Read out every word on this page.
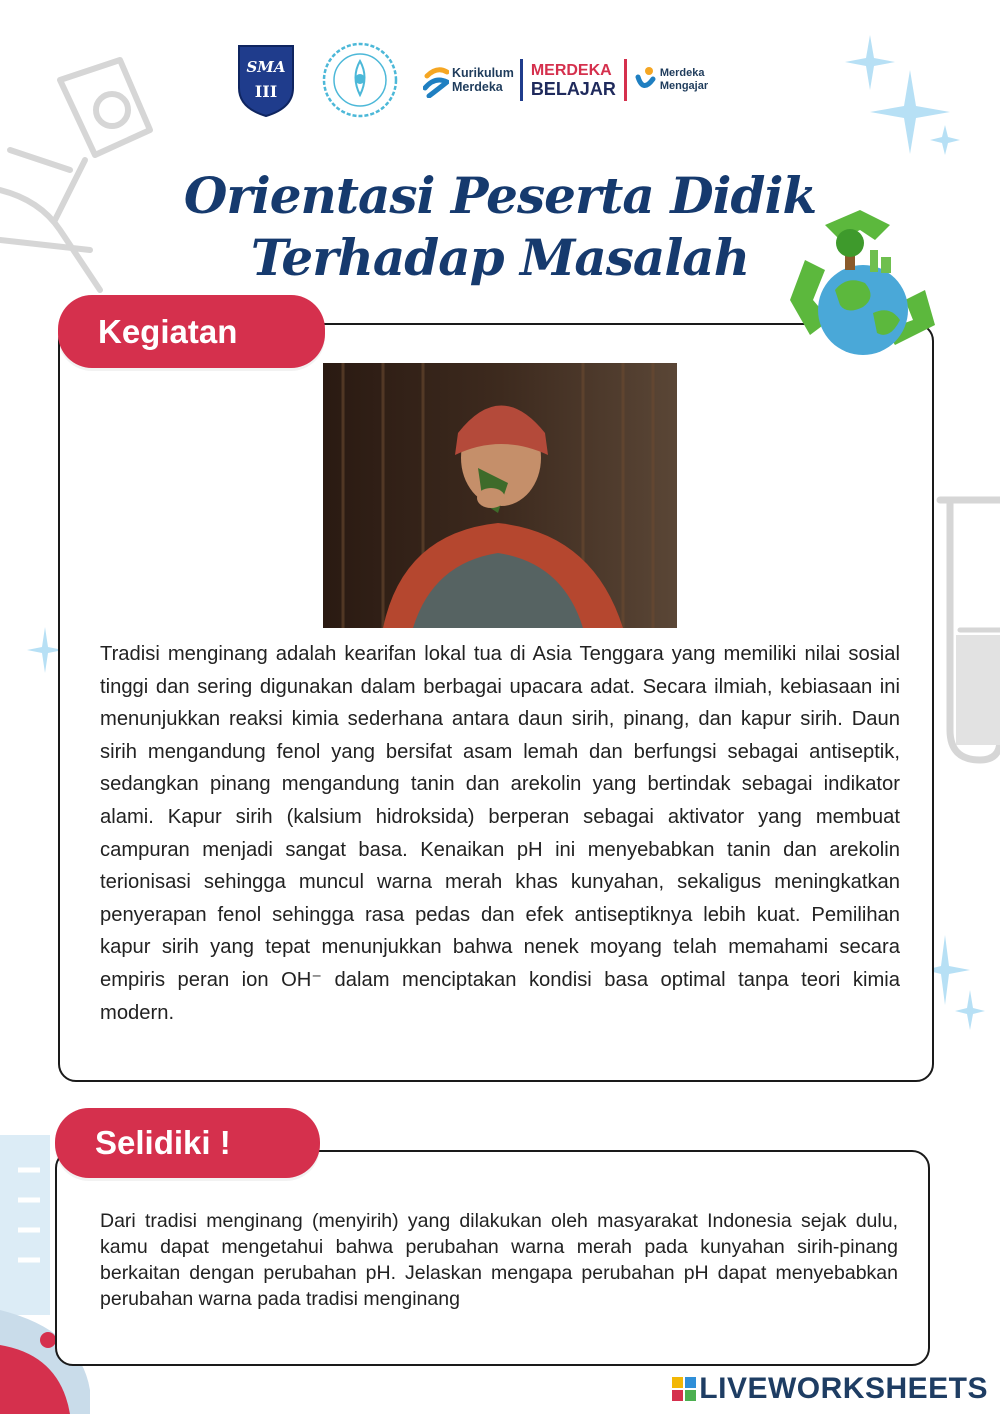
SMA
III
Kurikulum
Merdeka
MERDEKA
BELAJAR
Merdeka
Mengajar
Orientasi Peserta Didik
Terhadap Masalah
Kegiatan
Tradisi menginang adalah kearifan lokal tua di Asia Tenggara yang memiliki nilai sosial tinggi dan sering digunakan dalam berbagai upacara adat. Secara ilmiah, kebiasaan ini menunjukkan reaksi kimia sederhana antara daun sirih, pinang, dan kapur sirih. Daun sirih mengandung fenol yang bersifat asam lemah dan berfungsi sebagai antiseptik, sedangkan pinang mengandung tanin dan arekolin yang bertindak sebagai indikator alami. Kapur sirih (kalsium hidroksida) berperan sebagai aktivator yang membuat campuran menjadi sangat basa. Kenaikan pH ini menyebabkan tanin dan arekolin terionisasi sehingga muncul warna merah khas kunyahan, sekaligus meningkatkan penyerapan fenol sehingga rasa pedas dan efek antiseptiknya lebih kuat. Pemilihan kapur sirih yang tepat menunjukkan bahwa nenek moyang telah memahami secara empiris peran ion OH⁻ dalam menciptakan kondisi basa optimal tanpa teori kimia modern.
Selidiki !
Dari tradisi menginang (menyirih) yang dilakukan oleh masyarakat Indonesia sejak dulu, kamu dapat mengetahui bahwa perubahan warna merah pada kunyahan sirih-pinang berkaitan dengan perubahan pH. Jelaskan mengapa perubahan pH dapat menyebabkan perubahan warna pada tradisi menginang
LIVEWORKSHEETS
